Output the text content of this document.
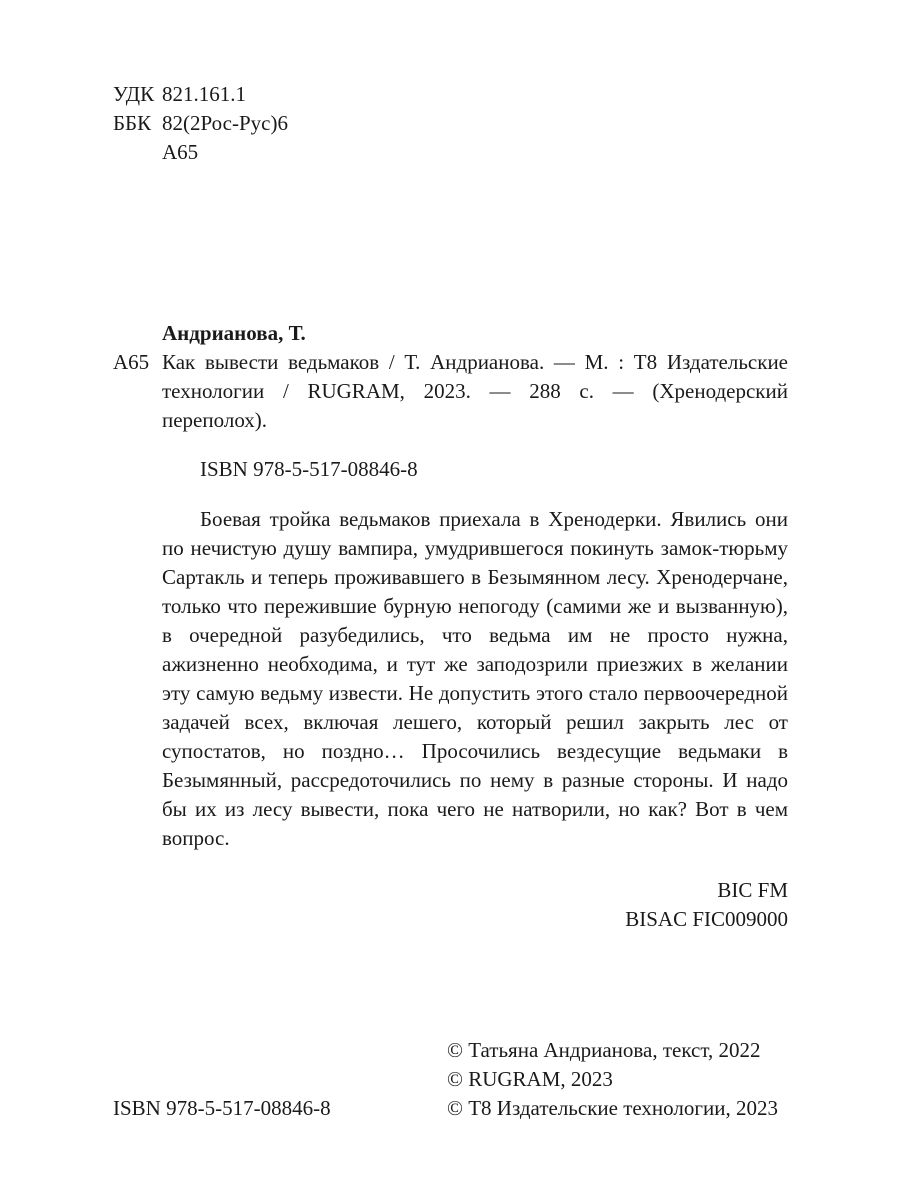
УДК 821.161.1
ББК 82(2Рос-Рус)6
А65
Андрианова, Т.
А65 Как вывести ведьмаков / Т. Андрианова. — М. : Т8 Издательские технологии / RUGRAM, 2023. — 288 с. — (Хренодерский переполох).
ISBN 978-5-517-08846-8
Боевая тройка ведьмаков приехала в Хренодерки. Явились они по нечистую душу вампира, умудрившегося покинуть замок-тюрьму Сартакль и теперь проживавшего в Безымянном лесу. Хренодерчане, только что пережившие бурную непогоду (самими же и вызванную), в очередной разубедились, что ведьма им не просто нужна, ажизненно необходима, и тут же заподозрили приезжих в желании эту самую ведьму извести. Не допустить этого стало первоочередной задачей всех, включая лешего, который решил закрыть лес от супостатов, но поздно… Просочились вездесущие ведьмаки в Безымянный, рассредоточились по нему в разные стороны. И надо бы их из лесу вывести, пока чего не натворили, но как? Вот в чем вопрос.
BIC FM
BISAC FIC009000
ISBN 978-5-517-08846-8
© Татьяна Андрианова, текст, 2022
© RUGRAM, 2023
© Т8 Издательские технологии, 2023
